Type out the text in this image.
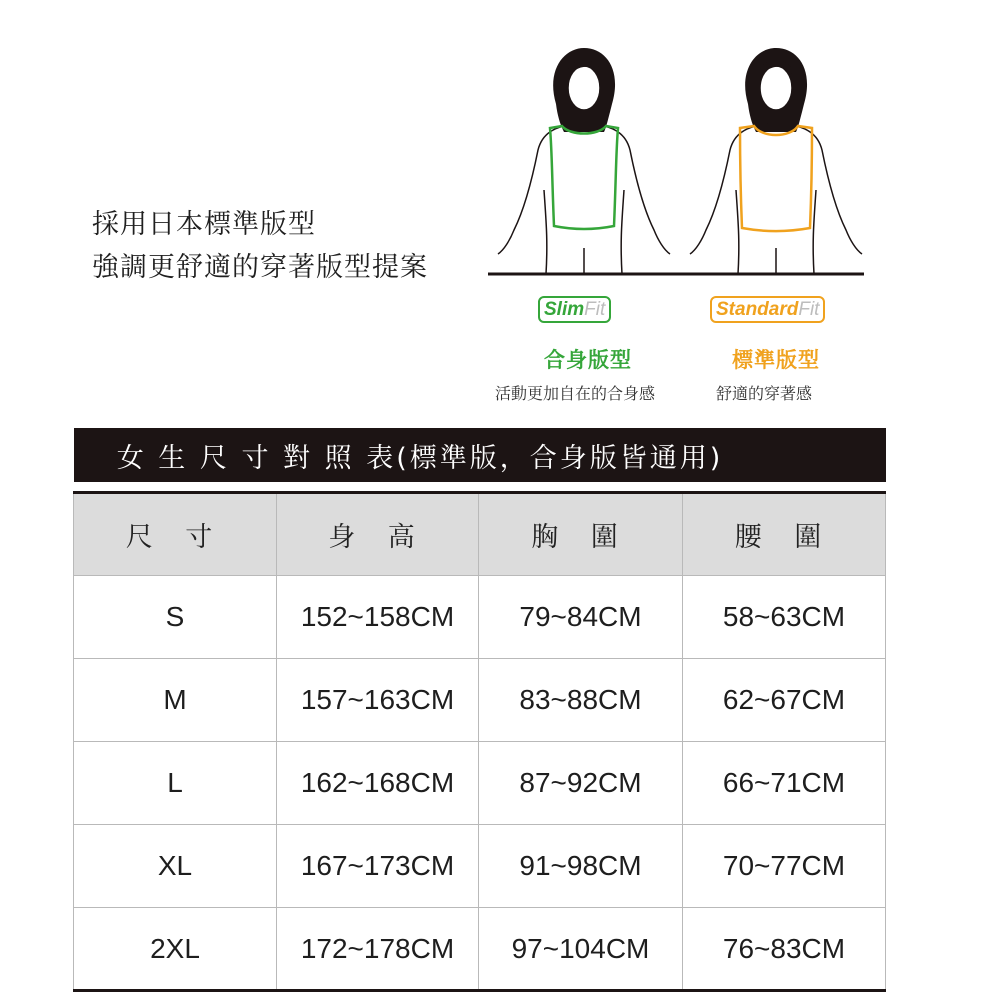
採用日本標準版型
強調更舒適的穿著版型提案
Slim Fit	Standard Fit
合身版型	標準版型
活動更加自在的合身感	舒適的穿著感
女 生 尺 寸 對 照 表(標準版，合身版皆通用)
尺 寸	身 高	胸 圍	腰 圍
S	152~158CM	79~84CM	58~63CM
M	157~163CM	83~88CM	62~67CM
L	162~168CM	87~92CM	66~71CM
XL	167~173CM	91~98CM	70~77CM
2XL	172~178CM	97~104CM	76~83CM
